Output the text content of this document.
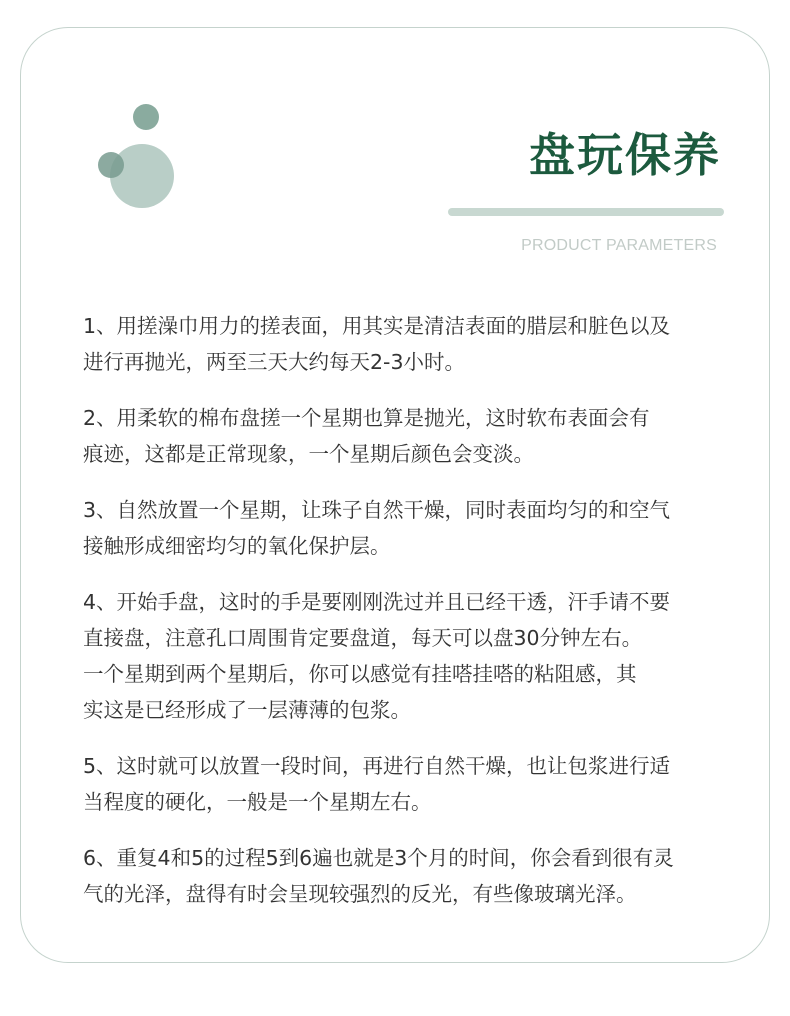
盘玩保养
PRODUCT PARAMETERS

1、用搓澡巾用力的搓表面，用其实是清洁表面的腊层和脏色以及
进行再抛光，两至三天大约每天2-3小时。

2、用柔软的棉布盘搓一个星期也算是抛光，这时软布表面会有
痕迹，这都是正常现象，一个星期后颜色会变淡。

3、自然放置一个星期，让珠子自然干燥，同时表面均匀的和空气
接触形成细密均匀的氧化保护层。

4、开始手盘，这时的手是要刚刚洗过并且已经干透，汗手请不要
直接盘，注意孔口周围肯定要盘道，每天可以盘30分钟左右。
一个星期到两个星期后，你可以感觉有挂嗒挂嗒的粘阻感，其
实这是已经形成了一层薄薄的包浆。

5、这时就可以放置一段时间，再进行自然干燥，也让包浆进行适
当程度的硬化，一般是一个星期左右。

6、重复4和5的过程5到6遍也就是3个月的时间，你会看到很有灵
气的光泽，盘得有时会呈现较强烈的反光，有些像玻璃光泽。
